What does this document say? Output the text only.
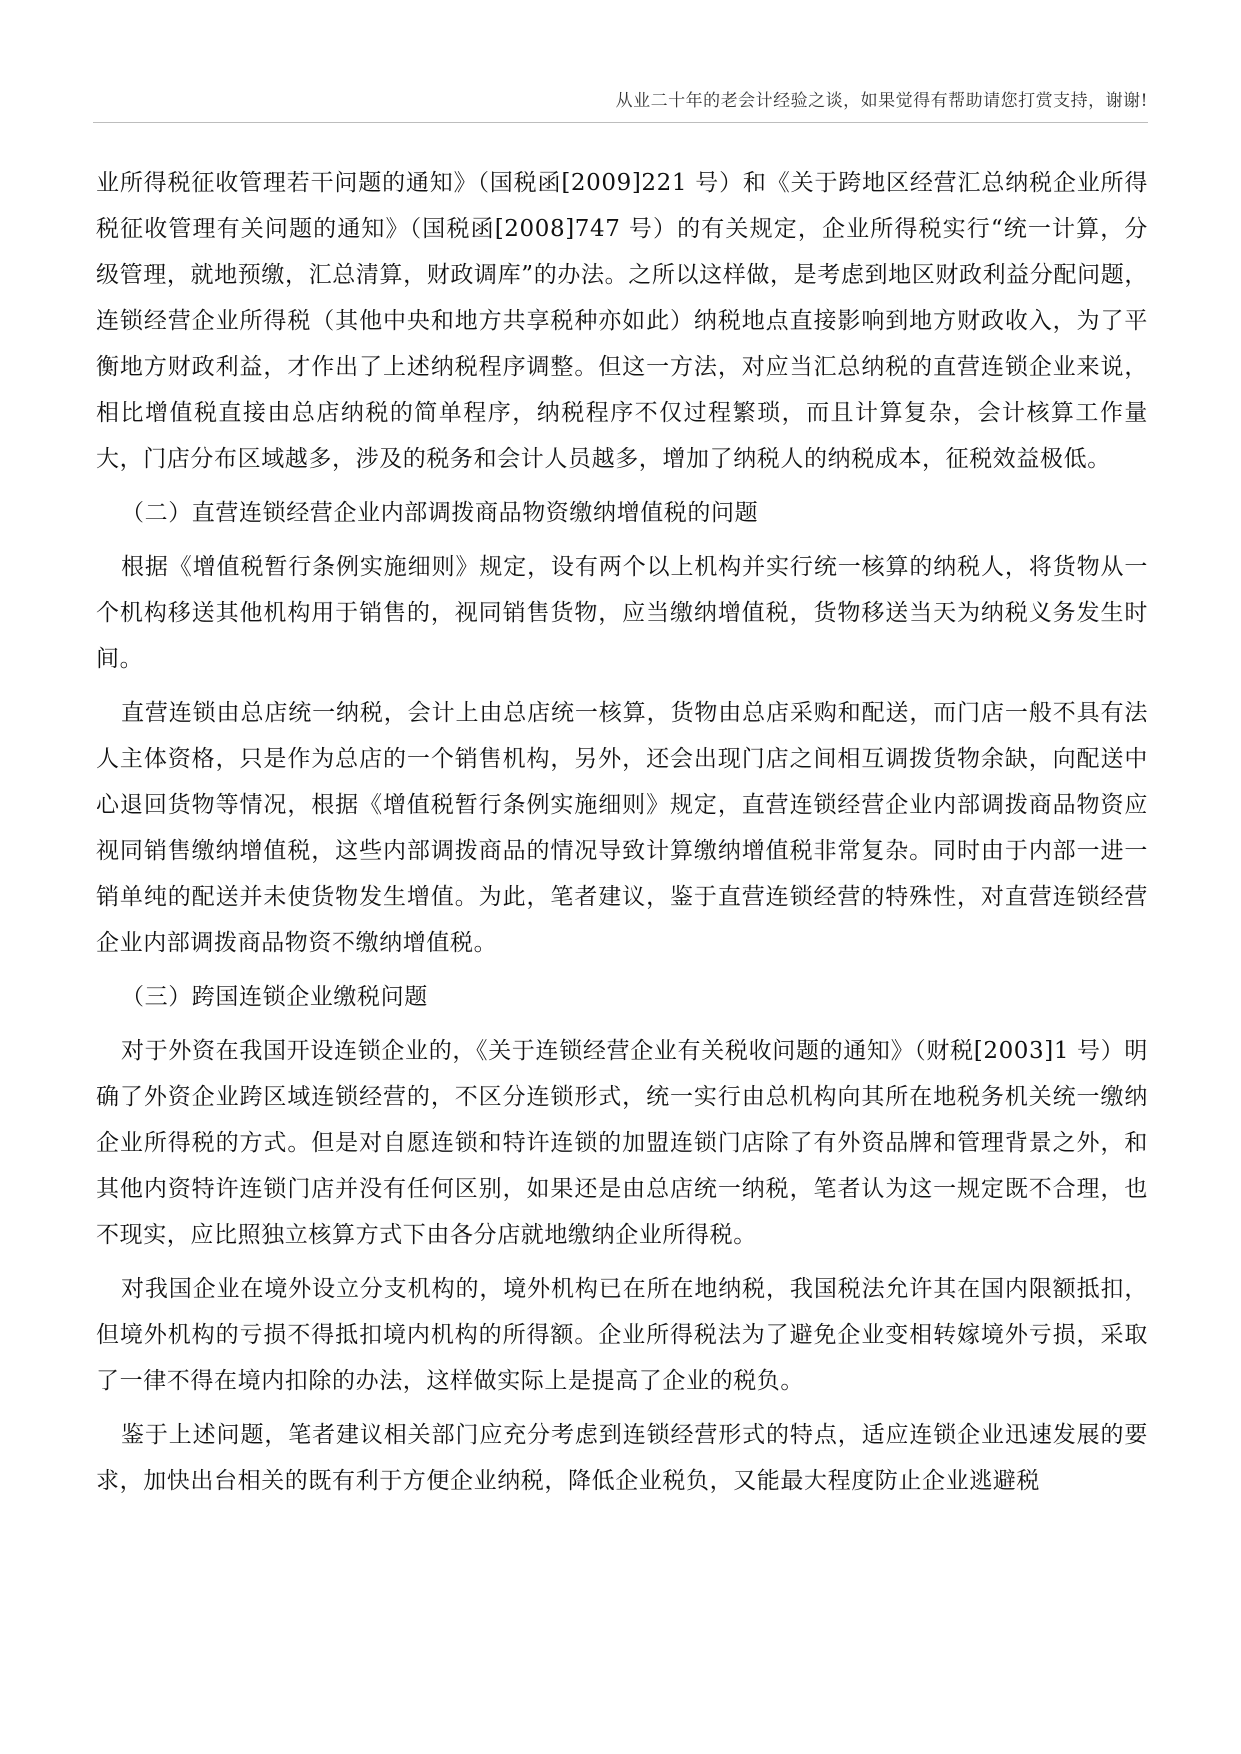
从业二十年的老会计经验之谈，如果觉得有帮助请您打赏支持，谢谢!

业所得税征收管理若干问题的通知》（国税函[2009]221 号）和《关于跨地区经营汇总纳税企业所得税征收管理有关问题的通知》（国税函[2008]747 号）的有关规定，企业所得税实行“统一计算，分级管理，就地预缴，汇总清算，财政调库”的办法。之所以这样做，是考虑到地区财政利益分配问题，连锁经营企业所得税（其他中央和地方共享税种亦如此）纳税地点直接影响到地方财政收入，为了平衡地方财政利益，才作出了上述纳税程序调整。但这一方法，对应当汇总纳税的直营连锁企业来说，相比增值税直接由总店纳税的简单程序，纳税程序不仅过程繁琐，而且计算复杂，会计核算工作量大，门店分布区域越多，涉及的税务和会计人员越多，增加了纳税人的纳税成本，征税效益极低。

（二）直营连锁经营企业内部调拨商品物资缴纳增值税的问题

根据《增值税暂行条例实施细则》规定，设有两个以上机构并实行统一核算的纳税人，将货物从一个机构移送其他机构用于销售的，视同销售货物，应当缴纳增值税，货物移送当天为纳税义务发生时间。

直营连锁由总店统一纳税，会计上由总店统一核算，货物由总店采购和配送，而门店一般不具有法人主体资格，只是作为总店的一个销售机构，另外，还会出现门店之间相互调拨货物余缺，向配送中心退回货物等情况，根据《增值税暂行条例实施细则》规定，直营连锁经营企业内部调拨商品物资应视同销售缴纳增值税，这些内部调拨商品的情况导致计算缴纳增值税非常复杂。同时由于内部一进一销单纯的配送并未使货物发生增值。为此，笔者建议，鉴于直营连锁经营的特殊性，对直营连锁经营企业内部调拨商品物资不缴纳增值税。

（三）跨国连锁企业缴税问题

对于外资在我国开设连锁企业的，《关于连锁经营企业有关税收问题的通知》（财税[2003]1 号）明确了外资企业跨区域连锁经营的，不区分连锁形式，统一实行由总机构向其所在地税务机关统一缴纳企业所得税的方式。但是对自愿连锁和特许连锁的加盟连锁门店除了有外资品牌和管理背景之外，和其他内资特许连锁门店并没有任何区别，如果还是由总店统一纳税，笔者认为这一规定既不合理，也不现实，应比照独立核算方式下由各分店就地缴纳企业所得税。

对我国企业在境外设立分支机构的，境外机构已在所在地纳税，我国税法允许其在国内限额抵扣，但境外机构的亏损不得抵扣境内机构的所得额。企业所得税法为了避免企业变相转嫁境外亏损，采取了一律不得在境内扣除的办法，这样做实际上是提高了企业的税负。

鉴于上述问题，笔者建议相关部门应充分考虑到连锁经营形式的特点，适应连锁企业迅速发展的要求，加快出台相关的既有利于方便企业纳税，降低企业税负，又能最大程度防止企业逃避税
